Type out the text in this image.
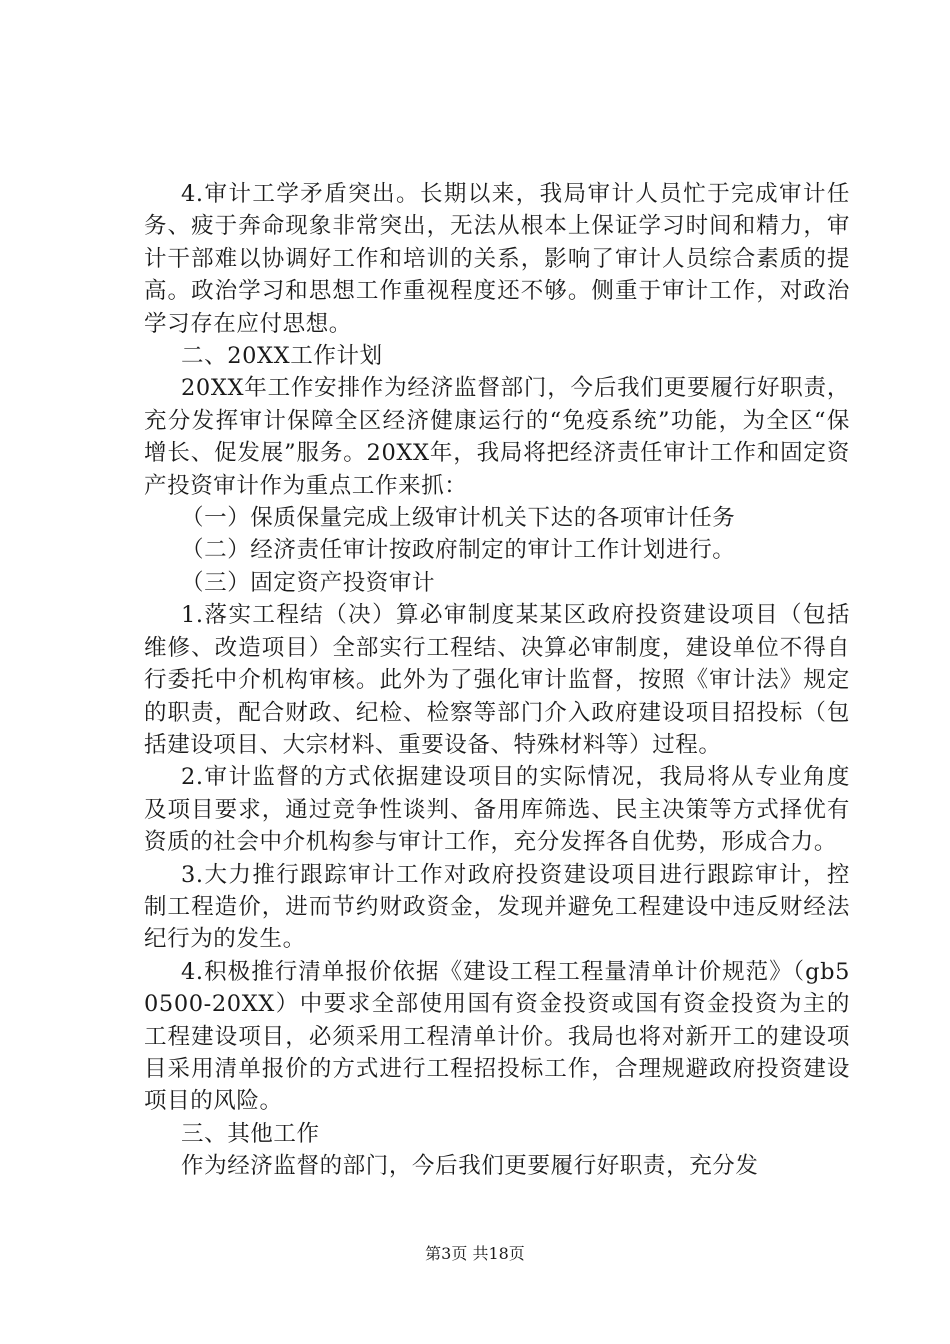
4.审计工学矛盾突出。长期以来，我局审计人员忙于完成审计任务、疲于奔命现象非常突出，无法从根本上保证学习时间和精力，审计干部难以协调好工作和培训的关系，影响了审计人员综合素质的提高。政治学习和思想工作重视程度还不够。侧重于审计工作，对政治学习存在应付思想。

二、20XX工作计划

20XX年工作安排作为经济监督部门，今后我们更要履行好职责，充分发挥审计保障全区经济健康运行的“免疫系统”功能，为全区“保增长、促发展”服务。20XX年，我局将把经济责任审计工作和固定资产投资审计作为重点工作来抓：

（一）保质保量完成上级审计机关下达的各项审计任务

（二）经济责任审计按政府制定的审计工作计划进行。

（三）固定资产投资审计

1.落实工程结（决）算必审制度某某区政府投资建设项目（包括维修、改造项目）全部实行工程结、决算必审制度，建设单位不得自行委托中介机构审核。此外为了强化审计监督，按照《审计法》规定的职责，配合财政、纪检、检察等部门介入政府建设项目招投标（包括建设项目、大宗材料、重要设备、特殊材料等）过程。

2.审计监督的方式依据建设项目的实际情况，我局将从专业角度及项目要求，通过竞争性谈判、备用库筛选、民主决策等方式择优有资质的社会中介机构参与审计工作，充分发挥各自优势，形成合力。

3.大力推行跟踪审计工作对政府投资建设项目进行跟踪审计，控制工程造价，进而节约财政资金，发现并避免工程建设中违反财经法纪行为的发生。

4.积极推行清单报价依据《建设工程工程量清单计价规范》（gb50500-20XX）中要求全部使用国有资金投资或国有资金投资为主的工程建设项目，必须采用工程清单计价。我局也将对新开工的建设项目采用清单报价的方式进行工程招投标工作，合理规避政府投资建设项目的风险。

三、其他工作

作为经济监督的部门，今后我们更要履行好职责，充分发

第3页 共18页
